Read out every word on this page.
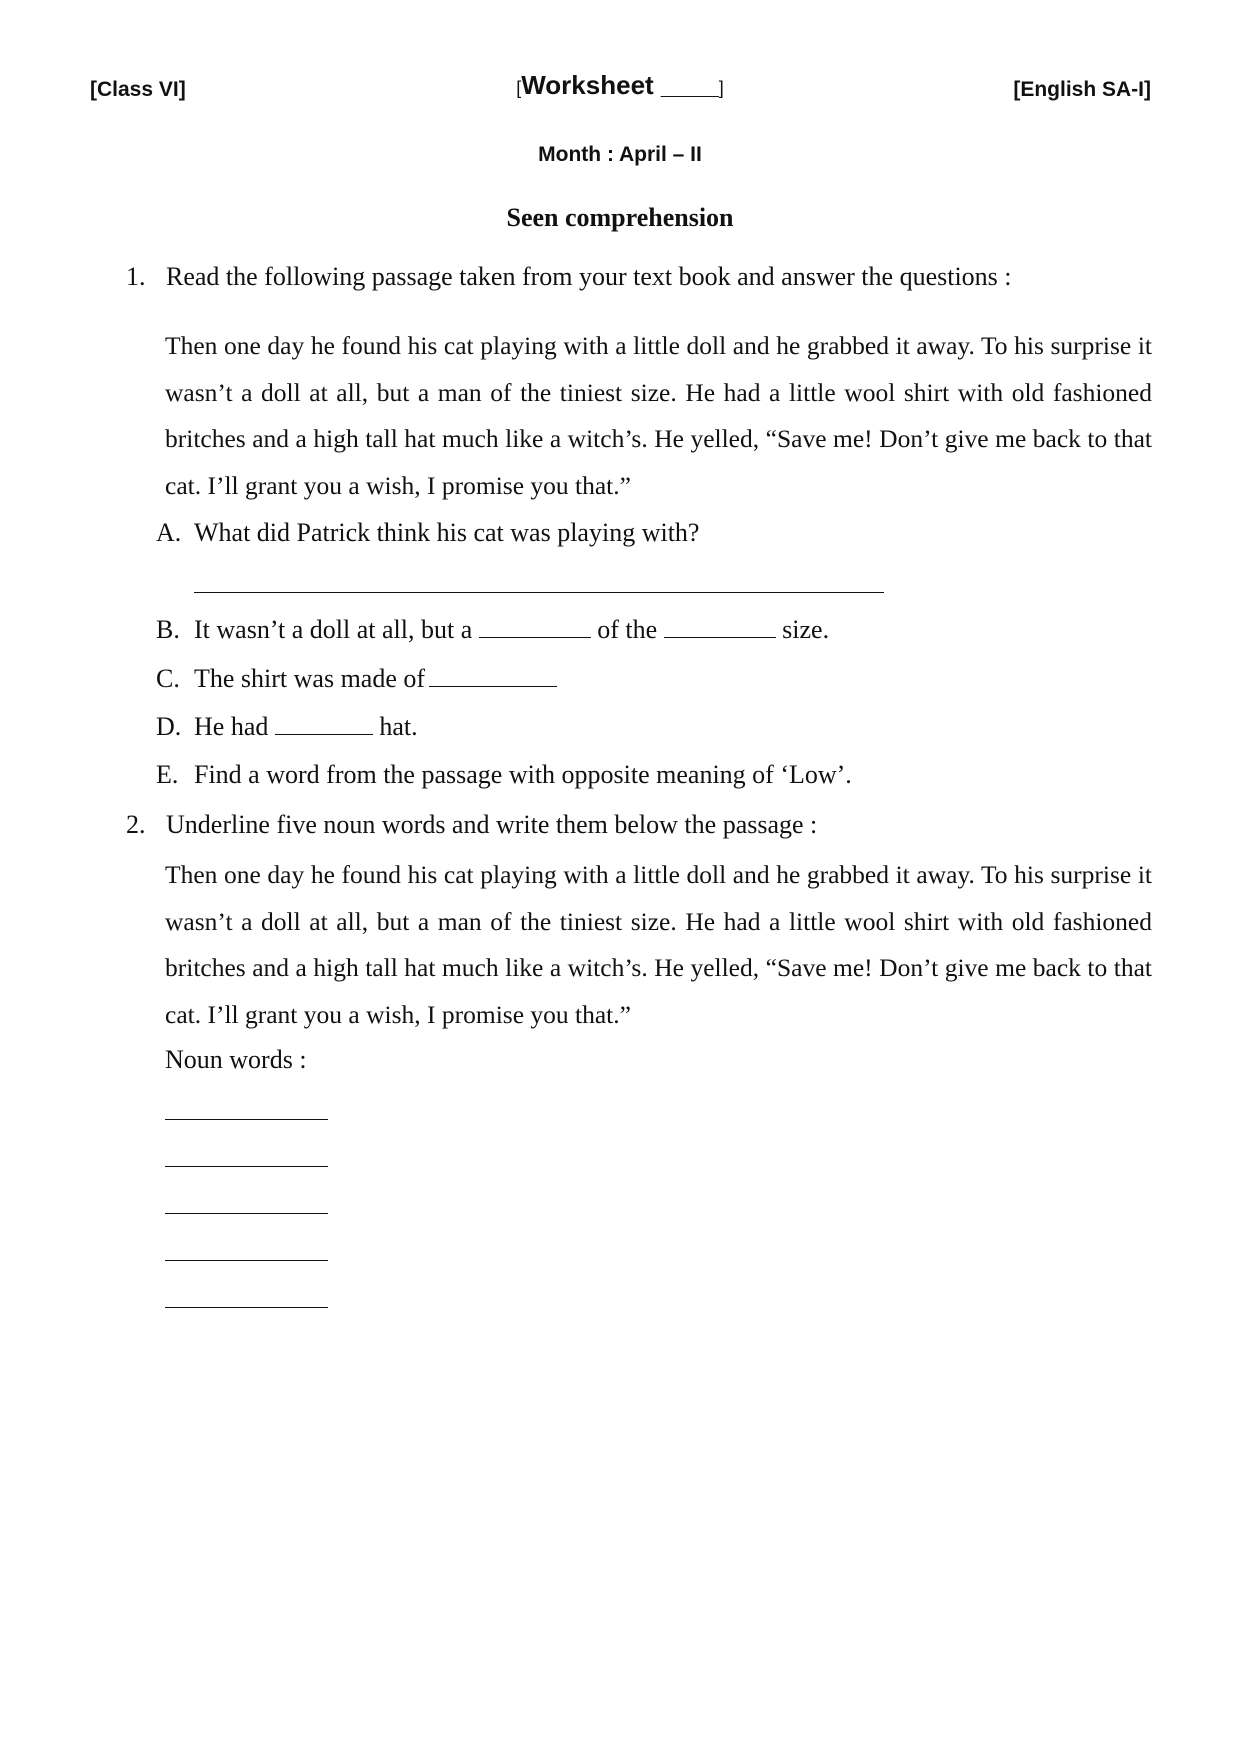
[Class VI]	[Worksheet ____]	[English SA-I]
Month : April – II
Seen comprehension
1. Read the following passage taken from your text book and answer the questions :

Then one day he found his cat playing with a little doll and he grabbed it away. To his surprise it wasn’t a doll at all, but a man of the tiniest size. He had a little wool shirt with old fashioned britches and a high tall hat much like a witch’s. He yelled, “Save me! Don’t give me back to that cat. I’ll grant you a wish, I promise you that.”

A. What did Patrick think his cat was playing with?
B. It wasn’t a doll at all, but a	of the	size.
C. The shirt was made of
D. He had	hat.
E. Find a word from the passage with opposite meaning of ‘Low’.
2. Underline five noun words and write them below the passage :

Then one day he found his cat playing with a little doll and he grabbed it away. To his surprise it wasn’t a doll at all, but a man of the tiniest size. He had a little wool shirt with old fashioned britches and a high tall hat much like a witch’s. He yelled, “Save me! Don’t give me back to that cat. I’ll grant you a wish, I promise you that.”

Noun words :
